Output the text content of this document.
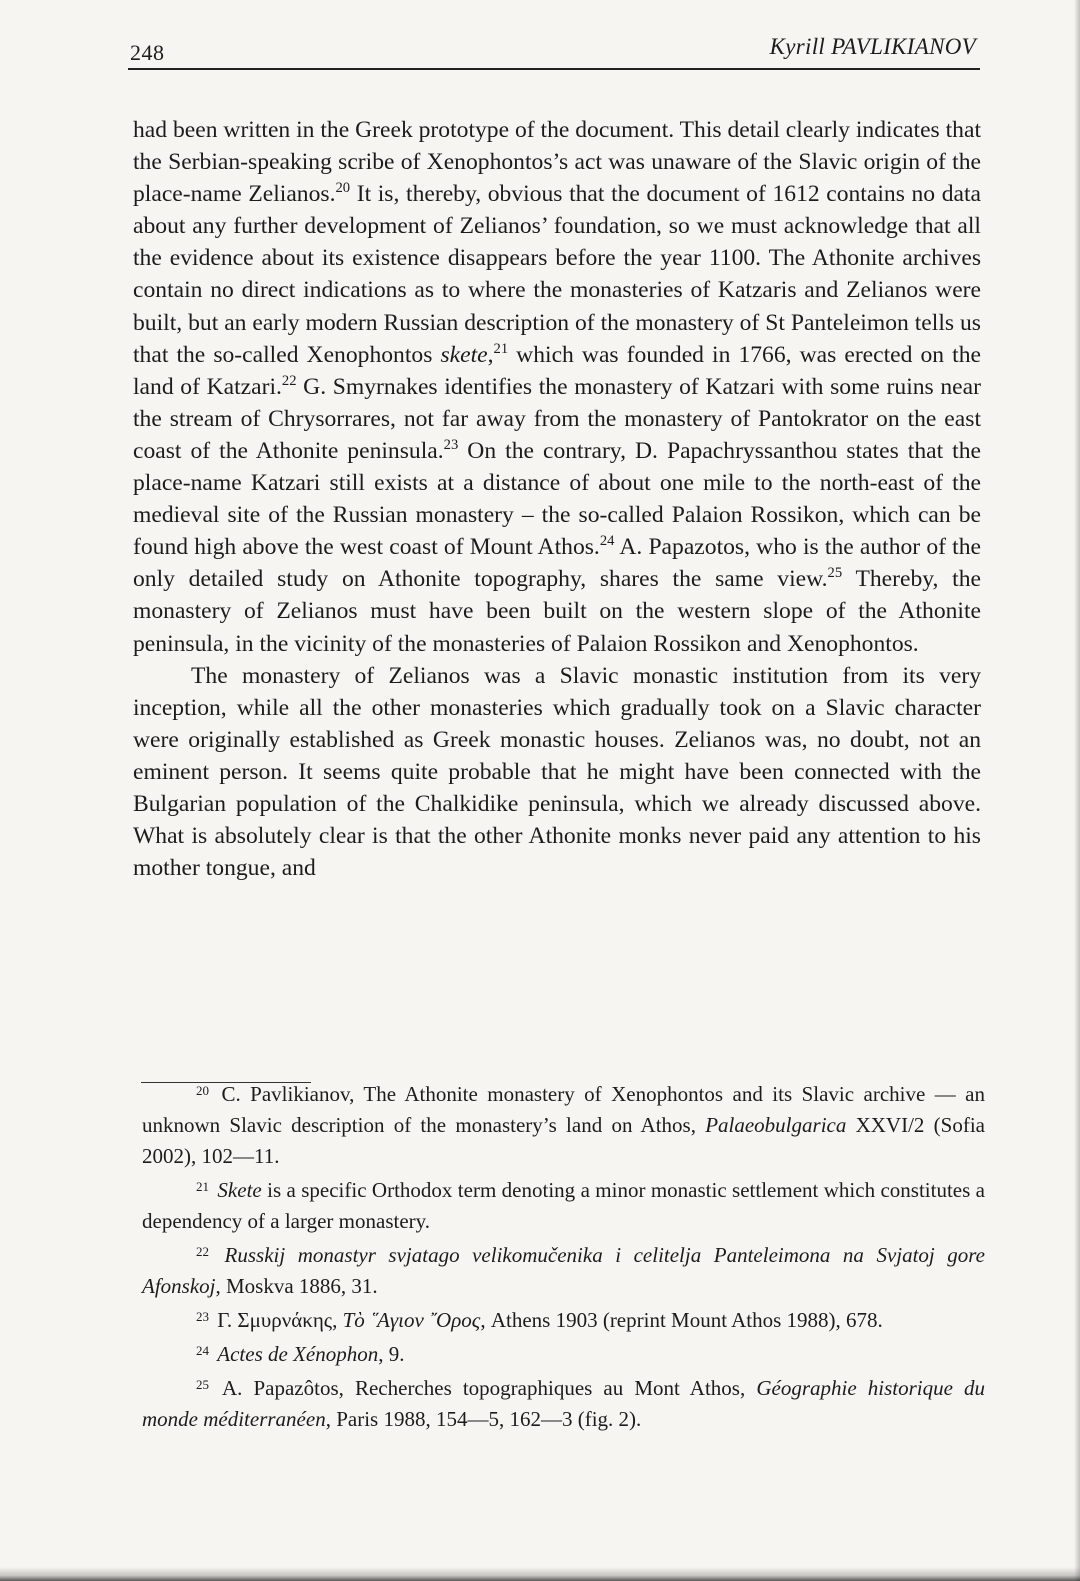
248	Kyrill PAVLIKIANOV

had been written in the Greek prototype of the document. This detail clearly indicates that the Serbian-speaking scribe of Xenophontos’s act was unaware of the Slavic origin of the place-name Zelianos.$^{20}$ It is, thereby, obvious that the document of 1612 contains no data about any further development of Zelianos’ foundation, so we must acknowledge that all the evidence about its existence disappears before the year 1100. The Athonite archives contain no direct indications as to where the monasteries of Katzaris and Zelianos were built, but an early modern Russian description of the monastery of St Panteleimon tells us that the so-called Xenophontos skete,$^{21}$ which was founded in 1766, was erected on the land of Katzari.$^{22}$ G. Smyrnakes identifies the monastery of Katzari with some ruins near the stream of Chrysorrares, not far away from the monastery of Pantokrator on the east coast of the Athonite peninsula.$^{23}$ On the contrary, D. Papachryssanthou states that the place-name Katzari still exists at a distance of about one mile to the north-east of the medieval site of the Russian monastery – the so-called Palaion Rossikon, which can be found high above the west coast of Mount Athos.$^{24}$ A. Papazotos, who is the author of the only detailed study on Athonite topography, shares the same view.$^{25}$ Thereby, the monastery of Zelianos must have been built on the western slope of the Athonite peninsula, in the vicinity of the monasteries of Palaion Rossikon and Xenophontos.

The monastery of Zelianos was a Slavic monastic institution from its very inception, while all the other monasteries which gradually took on a Slavic character were originally established as Greek monastic houses. Zelianos was, no doubt, not an eminent person. It seems quite probable that he might have been connected with the Bulgarian population of the Chalkidike peninsula, which we already discussed above. What is absolutely clear is that the other Athonite monks never paid any attention to his mother tongue, and

$^{20}$ C. Pavlikianov, The Athonite monastery of Xenophontos and its Slavic archive — an unknown Slavic description of the monastery’s land on Athos, Palaeobulgarica XXVI/2 (Sofia 2002), 102—11.

$^{21}$ Skete is a specific Orthodox term denoting a minor monastic settlement which constitutes a dependency of a larger monastery.

$^{22}$ Russkij monastyr svjatago velikomučenika i celitelja Panteleimona na Svjatoj gore Afonskoj, Moskva 1886, 31.

$^{23}$ Γ. Σμυρνάκης, Tὸ ῞Aγιον ῎Oρος, Athens 1903 (reprint Mount Athos 1988), 678.

$^{24}$ Actes de Xénophon, 9.

$^{25}$ A. Papazôtos, Recherches topographiques au Mont Athos, Géographie historique du monde méditerranéen, Paris 1988, 154—5, 162—3 (fig. 2).
